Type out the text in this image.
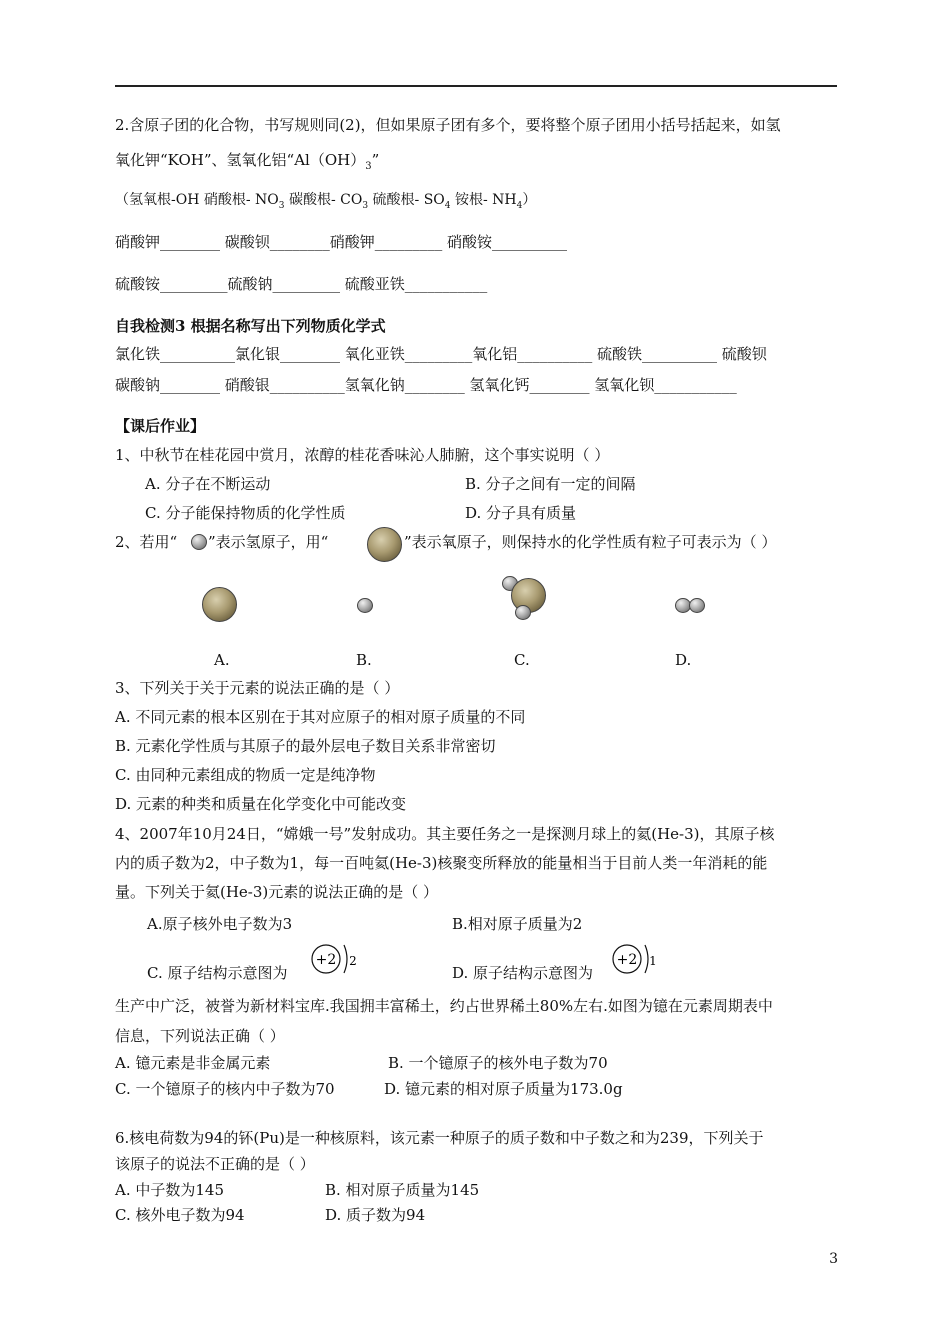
2.含原子团的化合物，书写规则同(2)，但如果原子团有多个，要将整个原子团用小括号括起来，如氢
氧化钾“KOH”、氢氧化铝“$Al(OH)_3$”
（氢氧根-OH 硝酸根- $NO_3$ 碳酸根- $CO_3$ 硫酸根- $SO_4$ 铵根- $NH_4$）
硝酸钾________ 碳酸钡________硝酸钾_________ 硝酸铵__________
硫酸铵_________硫酸钠_________ 硫酸亚铁___________
自我检测3 根据名称写出下列物质化学式
氯化铁__________氯化银________ 氧化亚铁_________氧化铝__________ 硫酸铁__________ 硫酸钡
碳酸钠________ 硝酸银__________氢氧化钠________ 氢氧化钙________ 氢氧化钡___________
【课后作业】
1、中秋节在桂花园中赏月，浓醇的桂花香味沁人肺腑，这个事实说明（ ）
A. 分子在不断运动	B. 分子之间有一定的间隔
C. 分子能保持物质的化学性质	D. 分子具有质量
2、若用“ ”表示氢原子，用“	”表示氧原子，则保持水的化学性质有粒子可表示为（ ）
A.	B.	C.	D.
3、下列关于关于元素的说法正确的是（ ）
A. 不同元素的根本区别在于其对应原子的相对原子质量的不同
B. 元素化学性质与其原子的最外层电子数目关系非常密切
C. 由同种元素组成的物质一定是纯净物
D. 元素的种类和质量在化学变化中可能改变
4、2007年10月24日，“嫦娥一号”发射成功。其主要任务之一是探测月球上的氦(He-3)，其原子核
内的质子数为2，中子数为1，每一百吨氦(He-3)核聚变所释放的能量相当于目前人类一年消耗的能
量。下列关于氦(He-3)元素的说法正确的是（ ）
A.原子核外电子数为3	B.相对原子质量为2
C. 原子结构示意图为	D. 原子结构示意图为
+2 2	+2 1
生产中广泛，被誉为新材料宝库.我国拥丰富稀土，约占世界稀土80%左右.如图为镱在元素周期表中
信息，下列说法正确（ ）
A. 镱元素是非金属元素	B. 一个镱原子的核外电子数为70
C. 一个镱原子的核内中子数为70	D. 镱元素的相对原子质量为173.0g
6.核电荷数为94的钚(Pu)是一种核原料，该元素一种原子的质子数和中子数之和为239，下列关于
该原子的说法不正确的是（ ）
A. 中子数为145	B. 相对原子质量为145
C. 核外电子数为94	D. 质子数为94
3
